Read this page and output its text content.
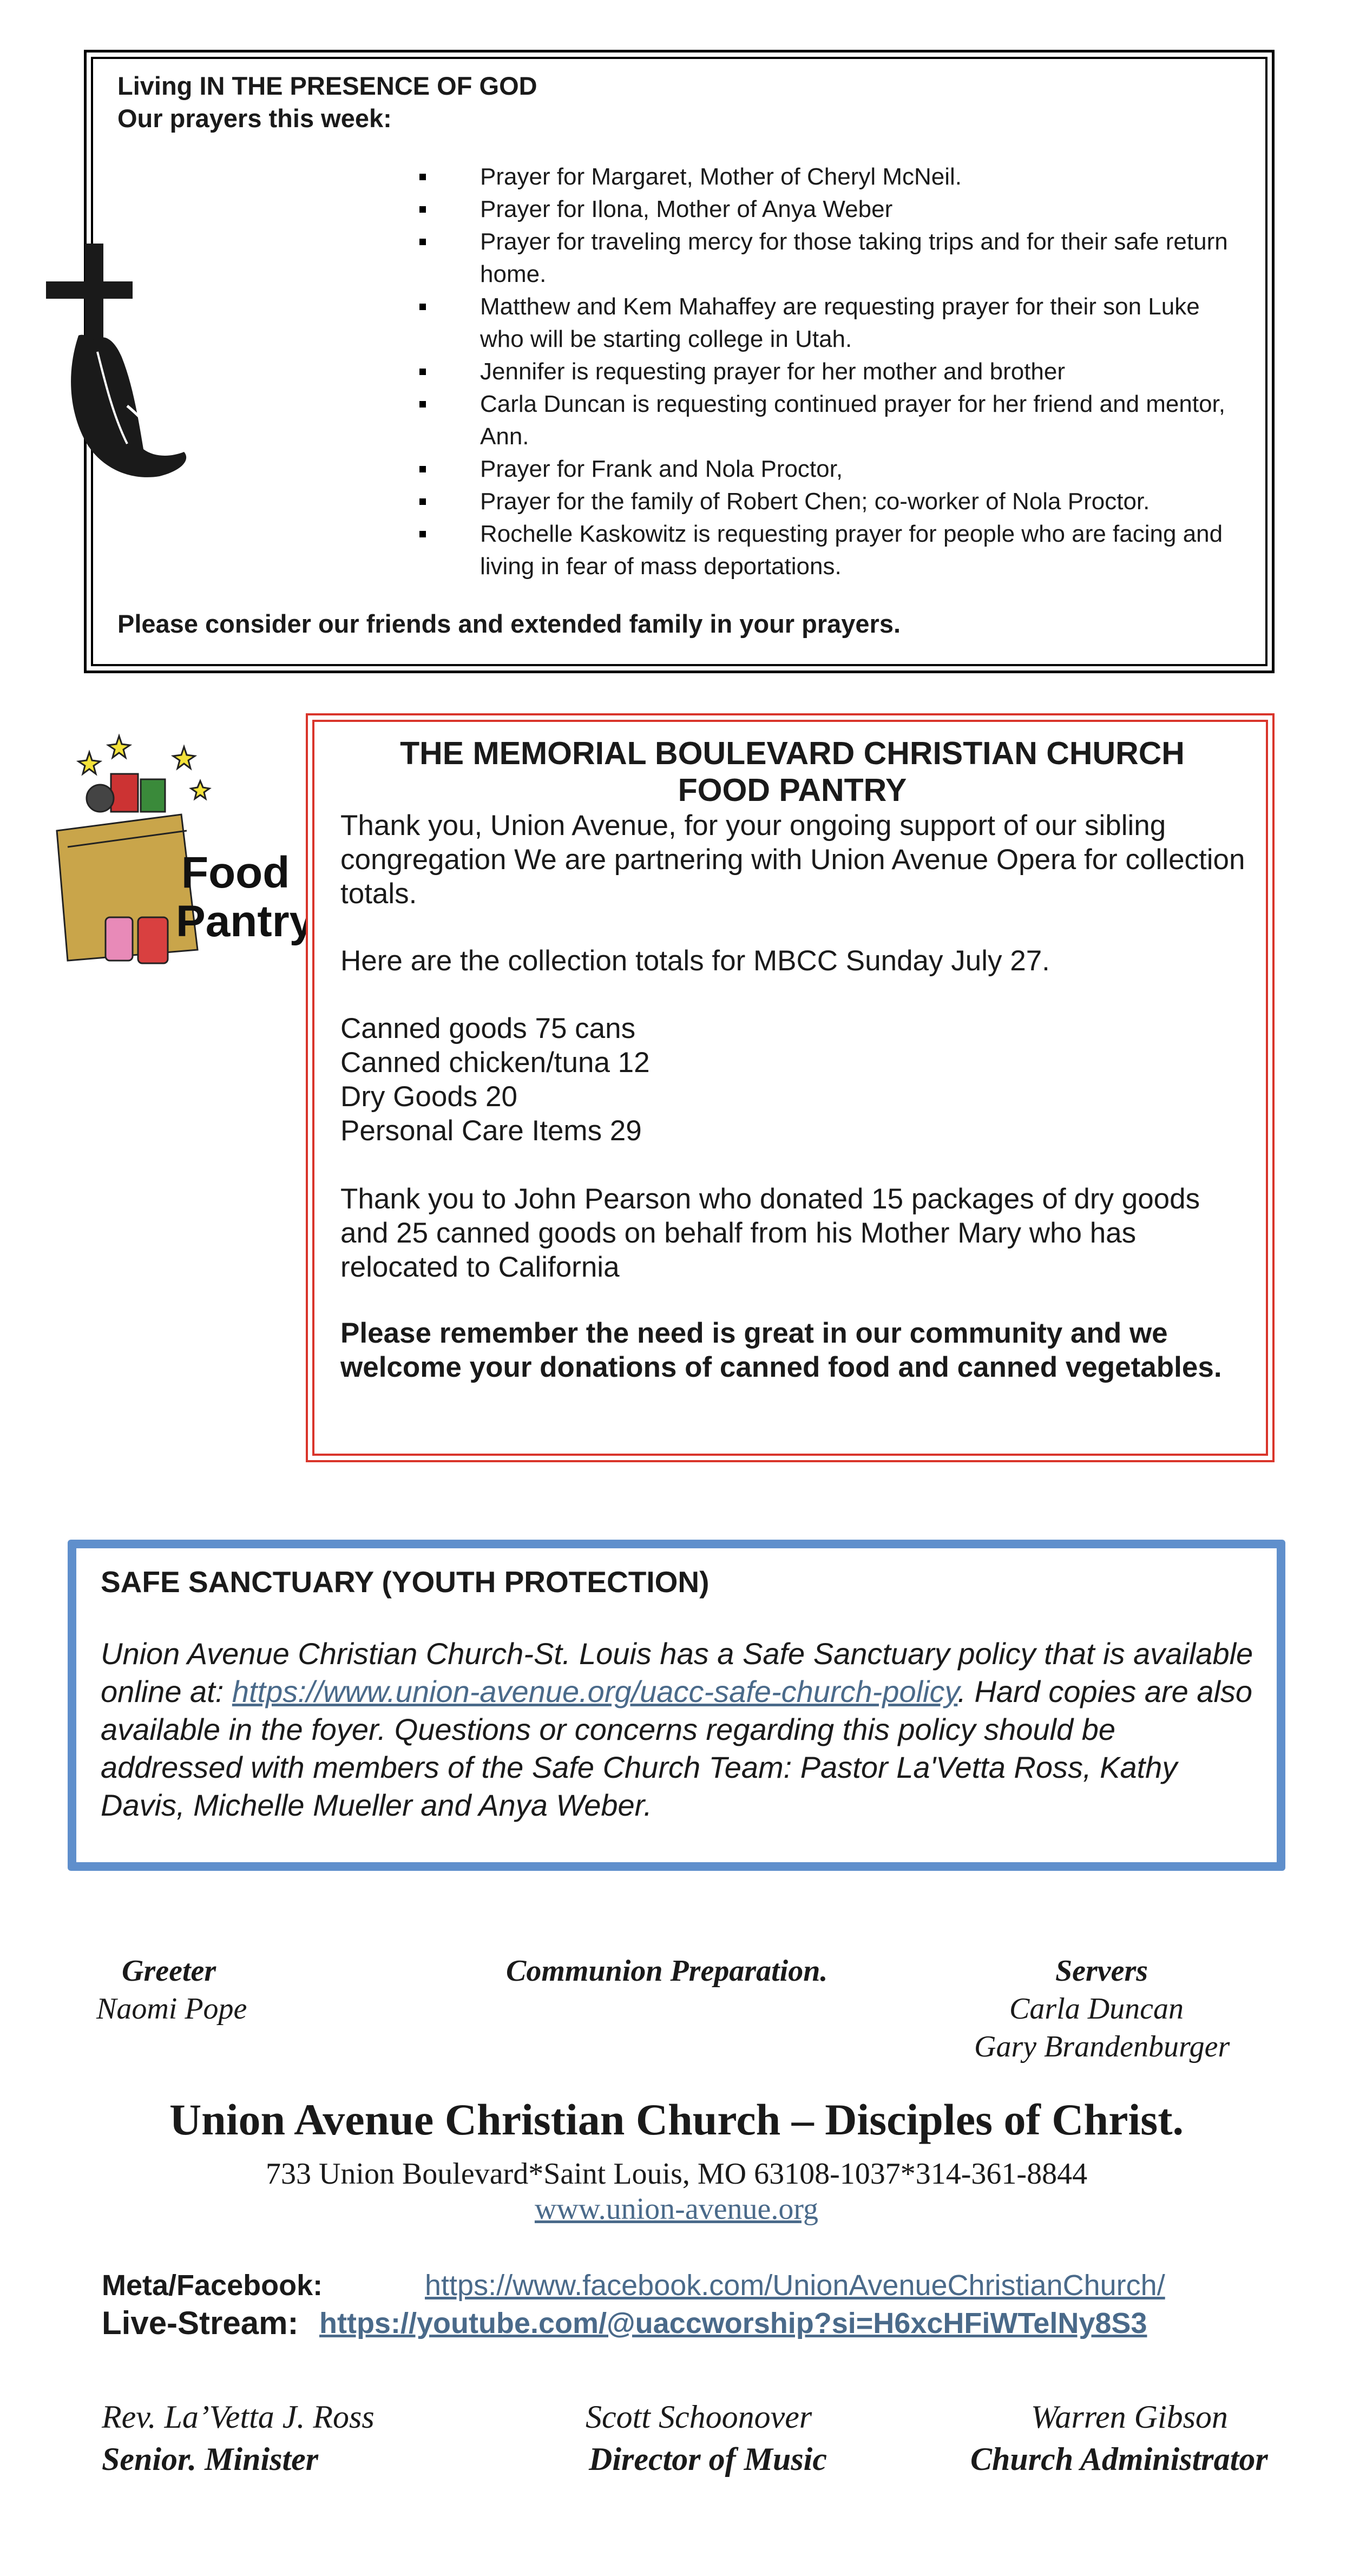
Living IN THE PRESENCE OF GOD
Our prayers this week:
Prayer for Margaret, Mother of Cheryl McNeil.
Prayer for Ilona, Mother of Anya Weber
Prayer for traveling mercy for those taking trips and for their safe return home.
Matthew and Kem Mahaffey are requesting prayer for their son Luke who will be starting college in Utah.
Jennifer is requesting prayer for her mother and brother
Carla Duncan is requesting continued prayer for her friend and mentor, Ann.
Prayer for Frank and Nola Proctor,
Prayer for the family of Robert Chen; co-worker of Nola Proctor.
Rochelle Kaskowitz is requesting prayer for people who are facing and living in fear of mass deportations.
Please consider our friends and extended family in your prayers.
Food
Pantry
THE MEMORIAL BOULEVARD CHRISTIAN CHURCH
FOOD PANTRY
Thank you, Union Avenue, for your ongoing support of our sibling congregation We are partnering with Union Avenue Opera for collection totals.
Here are the collection totals for MBCC Sunday July 27.
Canned goods 75 cans
Canned chicken/tuna 12
Dry Goods 20
Personal Care Items 29
Thank you to John Pearson who donated 15 packages of dry goods and 25 canned goods on behalf from his Mother Mary who has relocated to California
Please remember the need is great in our community and we welcome your donations of canned food and canned vegetables.
SAFE SANCTUARY (YOUTH PROTECTION)
Union Avenue Christian Church-St. Louis has a Safe Sanctuary policy that is available online at: https://www.union-avenue.org/uacc-safe-church-policy. Hard copies are also available in the foyer. Questions or concerns regarding this policy should be addressed with members of the Safe Church Team: Pastor La'Vetta Ross, Kathy Davis, Michelle Mueller and Anya Weber.
Greeter
Naomi Pope
Communion Preparation.	Servers
Carla Duncan
Gary Brandenburger
Union Avenue Christian Church – Disciples of Christ.
733 Union Boulevard*Saint Louis, MO 63108-1037*314-361-8844
www.union-avenue.org
Meta/Facebook:	https://www.facebook.com/UnionAvenueChristianChurch/
Live-Stream: https://youtube.com/@uaccworship?si=H6xcHFiWTelNy8S3
Rev. La’Vetta J. Ross
Senior. Minister
Scott Schoonover
Director of Music
Warren Gibson
Church Administrator
